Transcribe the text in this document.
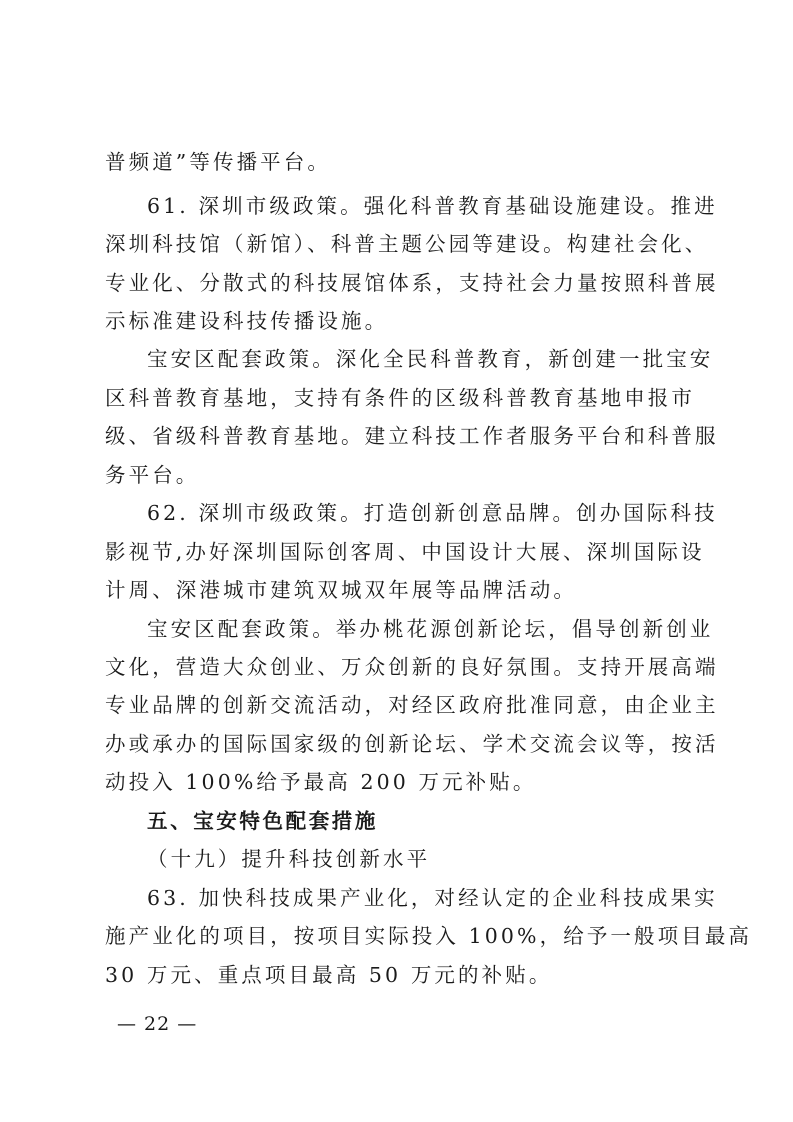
普频道”等传播平台。
61. 深圳市级政策。强化科普教育基础设施建设。推进
深圳科技馆（新馆）、科普主题公园等建设。构建社会化、
专业化、分散式的科技展馆体系，支持社会力量按照科普展
示标准建设科技传播设施。
宝安区配套政策。深化全民科普教育，新创建一批宝安
区科普教育基地，支持有条件的区级科普教育基地申报市
级、省级科普教育基地。建立科技工作者服务平台和科普服
务平台。
62. 深圳市级政策。打造创新创意品牌。创办国际科技
影视节,办好深圳国际创客周、中国设计大展、深圳国际设
计周、深港城市建筑双城双年展等品牌活动。
宝安区配套政策。举办桃花源创新论坛，倡导创新创业
文化，营造大众创业、万众创新的良好氛围。支持开展高端
专业品牌的创新交流活动，对经区政府批准同意，由企业主
办或承办的国际国家级的创新论坛、学术交流会议等，按活
动投入 100%给予最高 200 万元补贴。
五、宝安特色配套措施
（十九）提升科技创新水平
63. 加快科技成果产业化，对经认定的企业科技成果实
施产业化的项目，按项目实际投入 100%，给予一般项目最高
30 万元、重点项目最高 50 万元的补贴。
— 22 —
